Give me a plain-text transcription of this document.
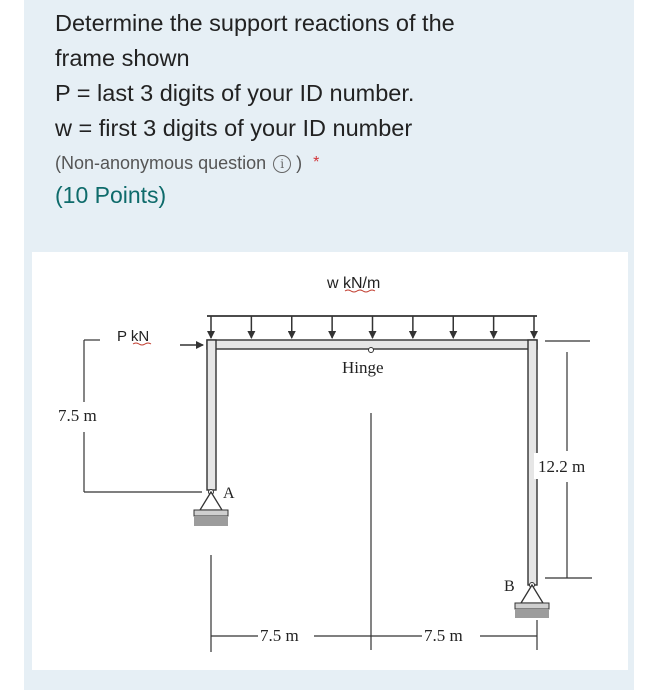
Determine the support reactions of the
frame shown
P = last 3 digits of your ID number.
w = first 3 digits of your ID number
(Non-anonymous question i ) *
(10 Points)
Hinge
w kN/m
P kN
7.5 m
12.2 m
A
B
7.5 m	7.5 m
